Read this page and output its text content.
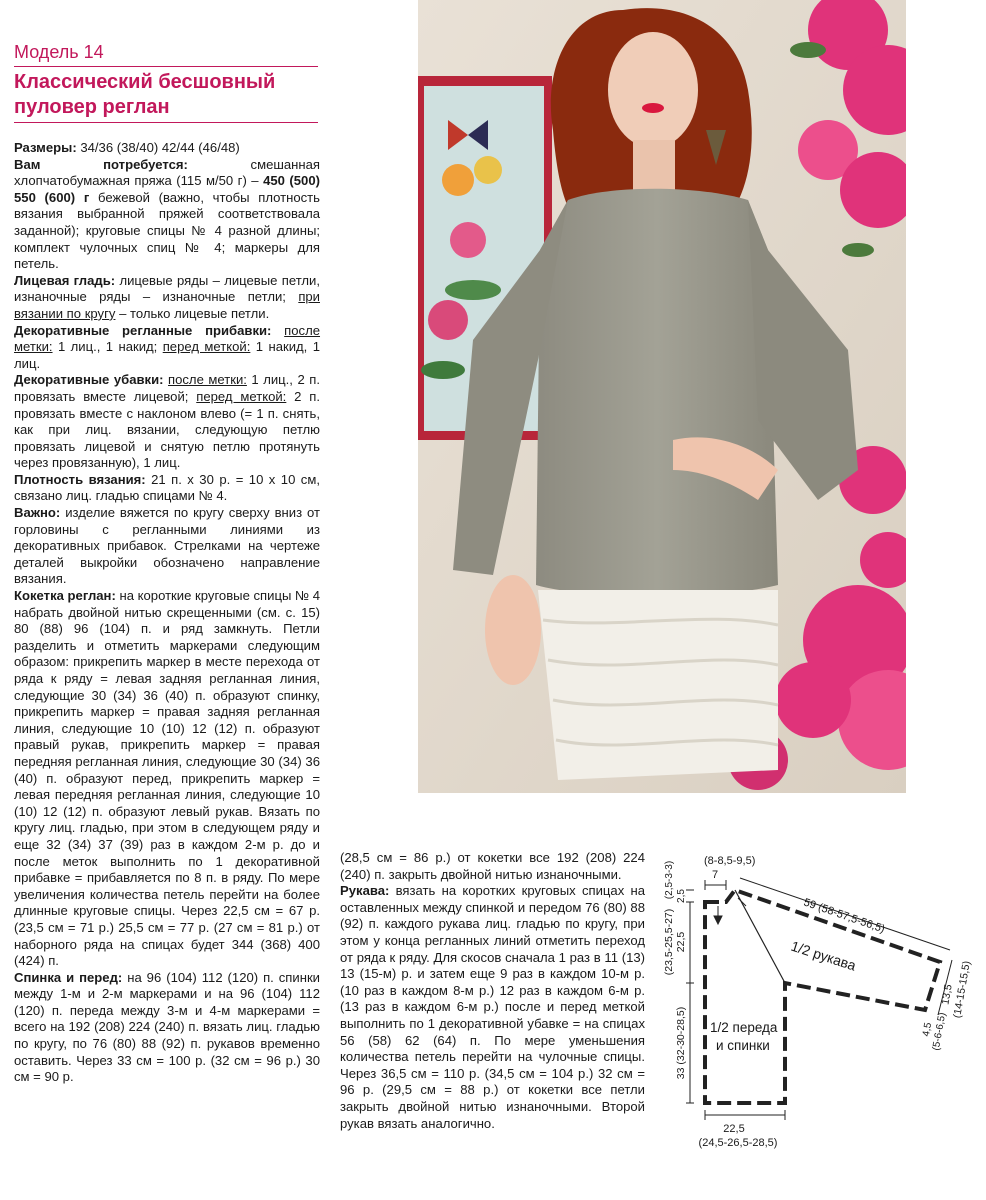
Модель 14
Классический бесшовный
пуловер реглан

Размеры: 34/36 (38/40) 42/44 (46/48)

Вам потребуется: смешанная хлопчатобумажная пряжа (115 м/50 г) – 450 (500) 550 (600) г бежевой (важно, чтобы плотность вязания выбранной пряжей соответствовала заданной); круговые спицы № 4 разной длины; комплект чулочных спиц № 4; маркеры для петель.

Лицевая гладь: лицевые ряды – лицевые петли, изнаночные ряды – изнаночные петли; при вязании по кругу – только лицевые петли.

Декоративные регланные прибавки: после метки: 1 лиц., 1 накид; перед меткой: 1 накид, 1 лиц.

Декоративные убавки: после метки: 1 лиц., 2 п. провязать вместе лицевой; перед меткой: 2 п. провязать вместе с наклоном влево (= 1 п. снять, как при лиц. вязании, следующую петлю провязать лицевой и снятую петлю протянуть через провязанную), 1 лиц.

Плотность вязания: 21 п. х 30 р. = 10 х 10 см, связано лиц. гладью спицами № 4.

Важно: изделие вяжется по кругу сверху вниз от горловины с регланными линиями из декоративных прибавок. Стрелками на чертеже деталей выкройки обозначено направление вязания.

Кокетка реглан: на короткие круговые спицы № 4 набрать двойной нитью скрещенными (см. с. 15) 80 (88) 96 (104) п. и ряд замкнуть. Петли разделить и отметить маркерами следующим образом: прикрепить маркер в месте перехода от ряда к ряду = левая задняя регланная линия, следующие 30 (34) 36 (40) п. образуют спинку, прикрепить маркер = правая задняя регланная линия, следующие 10 (10) 12 (12) п. образуют правый рукав, прикрепить маркер = правая передняя регланная линия, следующие 30 (34) 36 (40) п. образуют перед, прикрепить маркер = левая передняя регланная линия, следующие 10 (10) 12 (12) п. образуют левый рукав. Вязать по кругу лиц. гладью, при этом в следующем ряду и еще 32 (34) 37 (39) раз в каждом 2-м р. до и после меток выполнить по 1 декоративной прибавке = прибавляется по 8 п. в ряду. По мере увеличения количества петель перейти на более длинные круговые спицы. Через 22,5 см = 67 р. (23,5 см = 71 р.) 25,5 см = 77 р. (27 см = 81 р.) от наборного ряда на спицах будет 344 (368) 400 (424) п.

Спинка и перед: на 96 (104) 112 (120) п. спинки между 1-м и 2-м маркерами и на 96 (104) 112 (120) п. переда между 3-м и 4-м маркерами = всего на 192 (208) 224 (240) п. вязать лиц. гладью по кругу, по 76 (80) 88 (92) п. рукавов временно оставить. Через 33 см = 100 р. (32 см = 96 р.) 30 см = 90 р.

(28,5 см = 86 р.) от кокетки все 192 (208) 224 (240) п. закрыть двойной нитью изнаночными.

Рукава: вязать на коротких круговых спицах на оставленных между спинкой и передом 76 (80) 88 (92) п. каждого рукава лиц. гладью по кругу, при этом у конца регланных линий отметить переход от ряда к ряду. Для скосов сначала 1 раз в 11 (13) 13 (15-м) р. и затем еще 9 раз в каждом 10-м р. (10 раз в каждом 8-м р.) 12 раз в каждом 6-м р. (13 раз в каждом 6-м р.) после и перед меткой выполнить по 1 декоративной убавке = на спицах 56 (58) 62 (64) п. По мере уменьшения количества петель перейти на чулочные спицы. Через 36,5 см = 110 р. (34,5 см = 104 р.) 32 см = 96 р. (29,5 см = 88 р.) от кокетки все петли закрыть двойной нитью изнаночными. Второй рукав вязать аналогично.

(8-8,5-9,5)
7
59 (58-57,5-56,5)
1/2 рукава
1/2 переда
и спинки
22,5
(24,5-26,5-28,5)
2,5
22,5
33 (32-30-28,5)
(23,5-25,5-27)
(2,5-3-3)
13,5
(14-15-15,5)
4,5
(5-6-6,5)
